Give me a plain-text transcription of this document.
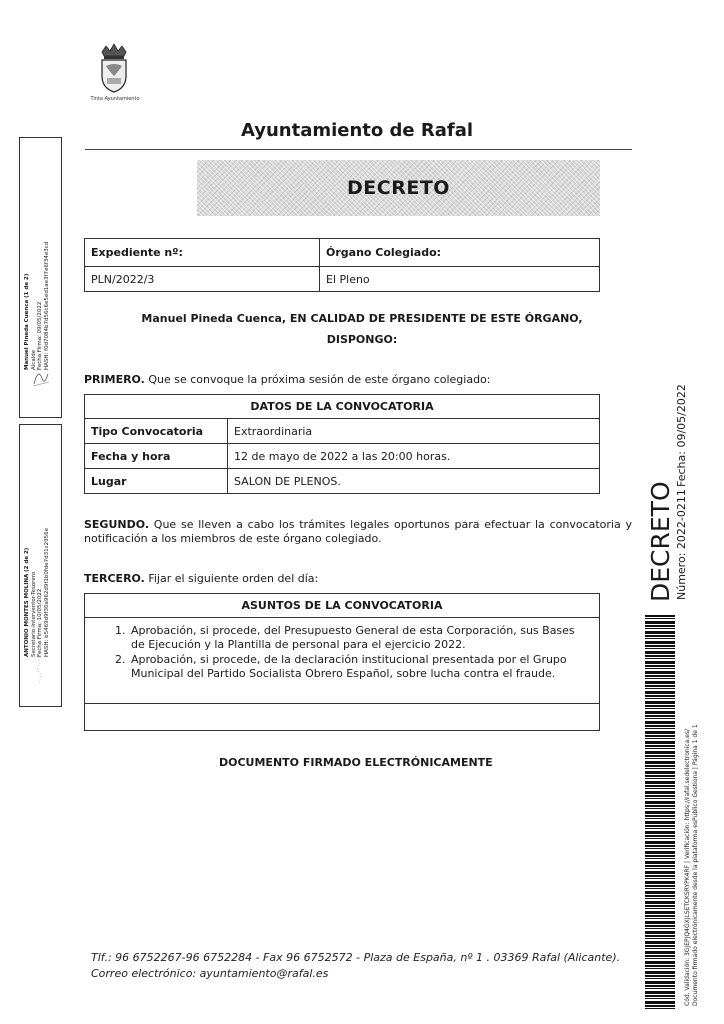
Tinta Ayuntamiento
Ayuntamiento de Rafal
DECRETO
Expediente nº:	Órgano Colegiado:
PLN/2022/3	El Pleno
Manuel Pineda Cuenca, EN CALIDAD DE PRESIDENTE DE ESTE ÓRGANO,
DISPONGO:
PRIMERO. Que se convoque la próxima sesión de este órgano colegiado:
DATOS DE LA CONVOCATORIA	
Tipo Convocatoria	Extraordinaria
Fecha y hora	12 de mayo de 2022 a las 20:00 horas.
Lugar	SALON DE PLENOS.
SEGUNDO. Que se lleven a cabo los trámites legales oportunos para efectuar la convocatoria y notificación a los miembros de este órgano colegiado.
TERCERO. Fijar el siguiente orden del día:
ASUNTOS DE LA CONVOCATORIA

1. Aprobación, si procede, del Presupuesto General de esta Corporación, sus Bases de Ejecución y la Plantilla de personal para el ejercicio 2022.
2. Aprobación, si procede, de la declaración institucional presentada por el Grupo Municipal del Partido Socialista Obrero Español, sobre lucha contra el fraude.

DOCUMENTO FIRMADO ELECTRÓNICAMENTE
Tlf.: 96 6752267-96 6752284 - Fax 96 6752572 - Plaza de España, nº 1 . 03369 Rafal (Alicante).
Correo electrónico: ayuntamiento@rafal.es
Manuel Pineda Cuenca (1 de 2) Alcalde Fecha Firma: 09/05/2022 HASH: f0d7084b7d56c6e5ed1ae3f7e6f34e3cd
ANTONIO MONTES MOLINA (2 de 2) Secretario-Interventor-Tesorero Fecha Firma: 10/05/2022 HASH: b5469d9f30a962d9f1b0fde7d31c2956e	DECRETO Número: 2022-0211
Fecha: 09/05/2022
Cód. Validación: 3GJEPJQ4GXJLSETCKSRYPK4RF | Verificación: https://rafal.sedelectronica.es/ Documento firmado electrónicamente desde la plataforma esPublico Gestiona | Página 1 de 1
